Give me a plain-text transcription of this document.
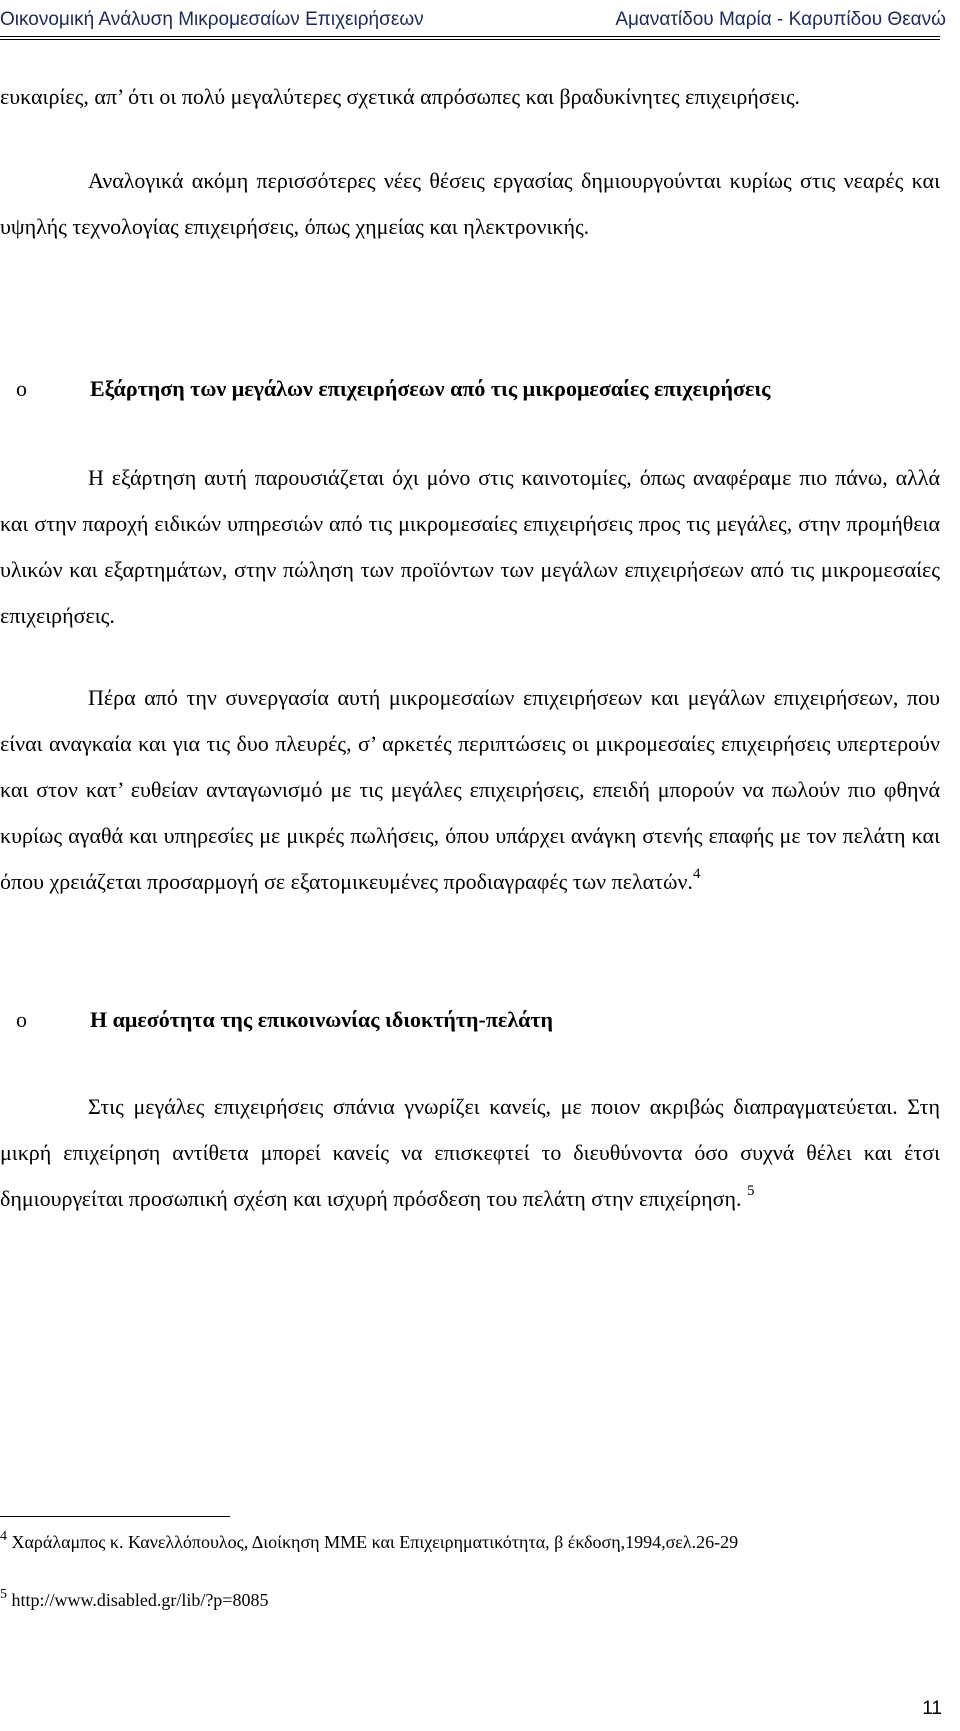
Οικονομική Ανάλυση Μικρομεσαίων Επιχειρήσεων	Αμανατίδου Μαρία - Καρυπίδου Θεανώ

ευκαιρίες, απ’ ότι οι πολύ μεγαλύτερες σχετικά απρόσωπες και βραδυκίνητες επιχειρήσεις.

Αναλογικά ακόμη περισσότερες νέες θέσεις εργασίας δημιουργούνται κυρίως στις νεαρές και υψηλής τεχνολογίας επιχειρήσεις, όπως χημείας και ηλεκτρονικής.

o	Εξάρτηση των μεγάλων επιχειρήσεων από τις μικρομεσαίες επιχειρήσεις

Η εξάρτηση αυτή παρουσιάζεται όχι μόνο στις καινοτομίες, όπως αναφέραμε πιο πάνω, αλλά και στην παροχή ειδικών υπηρεσιών από τις μικρομεσαίες επιχειρήσεις προς τις μεγάλες, στην προμήθεια υλικών και εξαρτημάτων, στην πώληση των προϊόντων των μεγάλων επιχειρήσεων από τις μικρομεσαίες επιχειρήσεις.

Πέρα από την συνεργασία αυτή μικρομεσαίων επιχειρήσεων και μεγάλων επιχειρήσεων, που είναι αναγκαία και για τις δυο πλευρές, σ’ αρκετές περιπτώσεις οι μικρομεσαίες επιχειρήσεις υπερτερούν και στον κατ’ ευθείαν ανταγωνισμό με τις μεγάλες επιχειρήσεις, επειδή μπορούν να πωλούν πιο φθηνά κυρίως αγαθά και υπηρεσίες με μικρές πωλήσεις, όπου υπάρχει ανάγκη στενής επαφής με τον πελάτη και όπου χρειάζεται προσαρμογή σε εξατομικευμένες προδιαγραφές των πελατών.$^4$

o	Η αμεσότητα της επικοινωνίας ιδιοκτήτη-πελάτη

Στις μεγάλες επιχειρήσεις σπάνια γνωρίζει κανείς, με ποιον ακριβώς διαπραγματεύεται. Στη μικρή επιχείρηση αντίθετα μπορεί κανείς να επισκεφτεί το διευθύνοντα όσο συχνά θέλει και έτσι δημιουργείται προσωπική σχέση και ισχυρή πρόσδεση του πελάτη στην επιχείρηση. $^5$

$^4$ Χαράλαμπος κ. Κανελλόπουλος, Διοίκηση ΜΜΕ και Επιχειρηματικότητα, β έκδοση,1994,σελ.26-29
$^5$ http://www.disabled.gr/lib/?p=8085
11
